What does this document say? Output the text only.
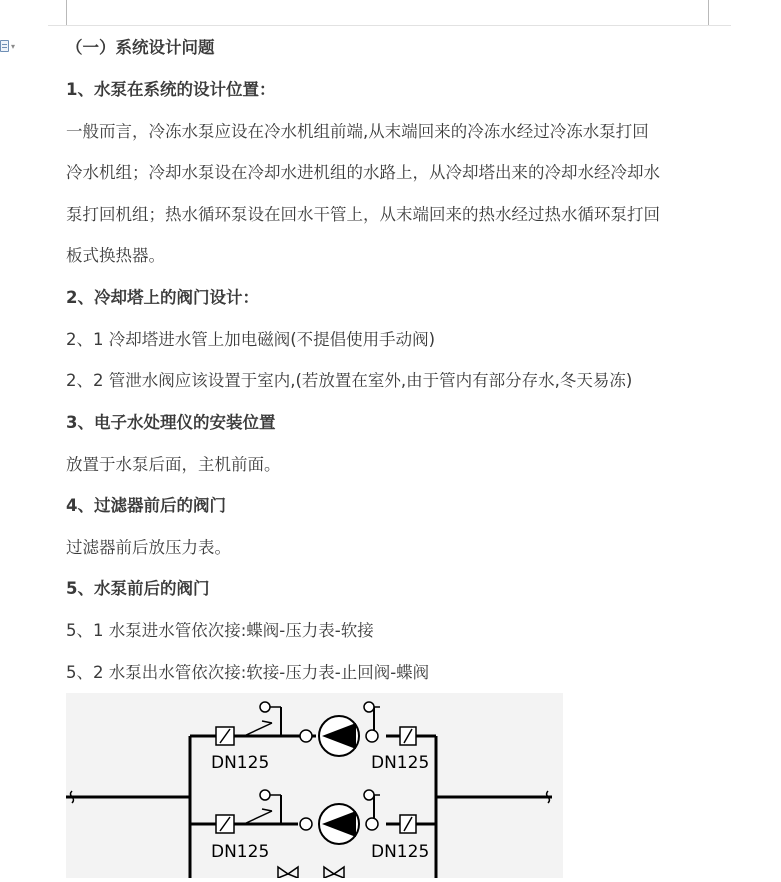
▾	（一）系统设计问题
1、水泵在系统的设计位置：
一般而言，冷冻水泵应设在冷水机组前端,从末端回来的冷冻水经过冷冻水泵打回
冷水机组；冷却水泵设在冷却水进机组的水路上，从冷却塔出来的冷却水经冷却水
泵打回机组；热水循环泵设在回水干管上，从末端回来的热水经过热水循环泵打回
板式换热器。
2、冷却塔上的阀门设计：
2、1 冷却塔进水管上加电磁阀(不提倡使用手动阀)
2、2 管泄水阀应该设置于室内,(若放置在室外,由于管内有部分存水,冬天易冻)
3、电子水处理仪的安装位置
放置于水泵后面，主机前面。
4、过滤器前后的阀门
过滤器前后放压力表。
5、水泵前后的阀门
5、1 水泵进水管依次接:蝶阀-压力表-软接
5、2 水泵出水管依次接:软接-压力表-止回阀-蝶阀
DN125	DN125
DN125	DN125
